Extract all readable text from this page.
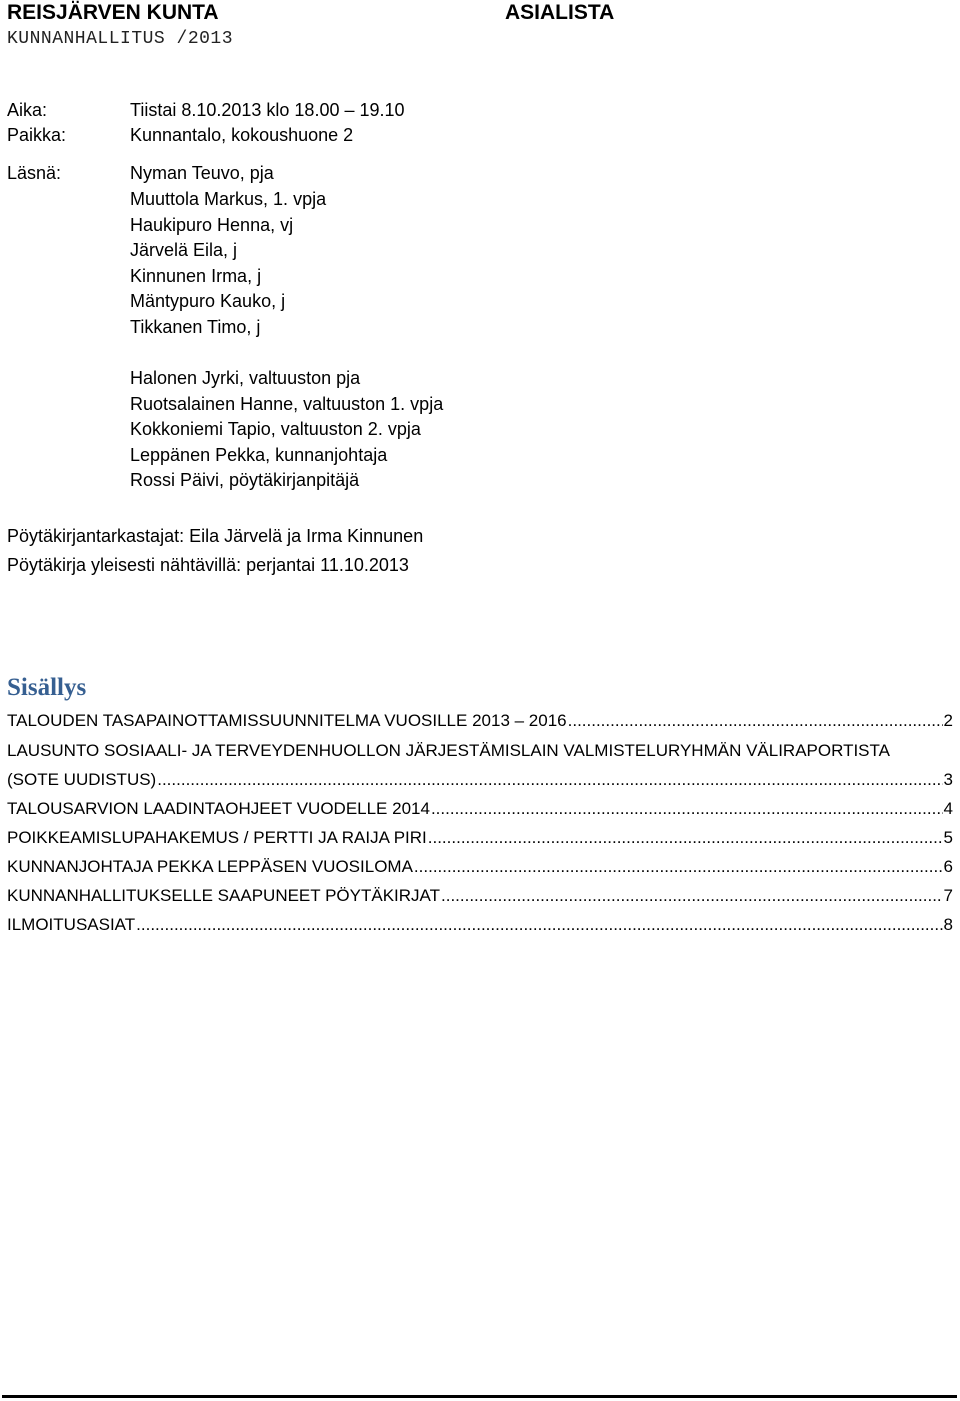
REISJÄRVEN KUNTA	ASIALISTA
KUNNANHALLITUS /2013
Aika:	Tiistai 8.10.2013 klo 18.00 – 19.10
Paikka:	Kunnantalo, kokoushuone 2
Läsnä:	Nyman Teuvo, pja
Muuttola Markus, 1. vpja
Haukipuro Henna, vj
Järvelä Eila, j
Kinnunen Irma, j
Mäntypuro Kauko, j
Tikkanen Timo, j
Halonen Jyrki, valtuuston pja
Ruotsalainen Hanne, valtuuston 1. vpja
Kokkoniemi Tapio, valtuuston 2. vpja
Leppänen Pekka, kunnanjohtaja
Rossi Päivi, pöytäkirjanpitäjä
Pöytäkirjantarkastajat: Eila Järvelä ja Irma Kinnunen
Pöytäkirja yleisesti nähtävillä: perjantai 11.10.2013
Sisällys
TALOUDEN TASAPAINOTTAMISSUUNNITELMA VUOSILLE 2013 – 2016 .....	2
LAUSUNTO SOSIAALI- JA TERVEYDENHUOLLON JÄRJESTÄMISLAIN VALMISTELURYHMÄN VÄLIRAPORTISTA
(SOTE UUDISTUS) .....	3
TALOUSARVION LAADINTAOHJEET VUODELLE 2014 .....	4
POIKKEAMISLUPAHAKEMUS / PERTTI JA RAIJA PIRI .....	5
KUNNANJOHTAJA PEKKA LEPPÄSEN VUOSILOMA .....	6
KUNNANHALLITUKSELLE SAAPUNEET PÖYTÄKIRJAT .....	7
ILMOITUSASIAT .....	8
